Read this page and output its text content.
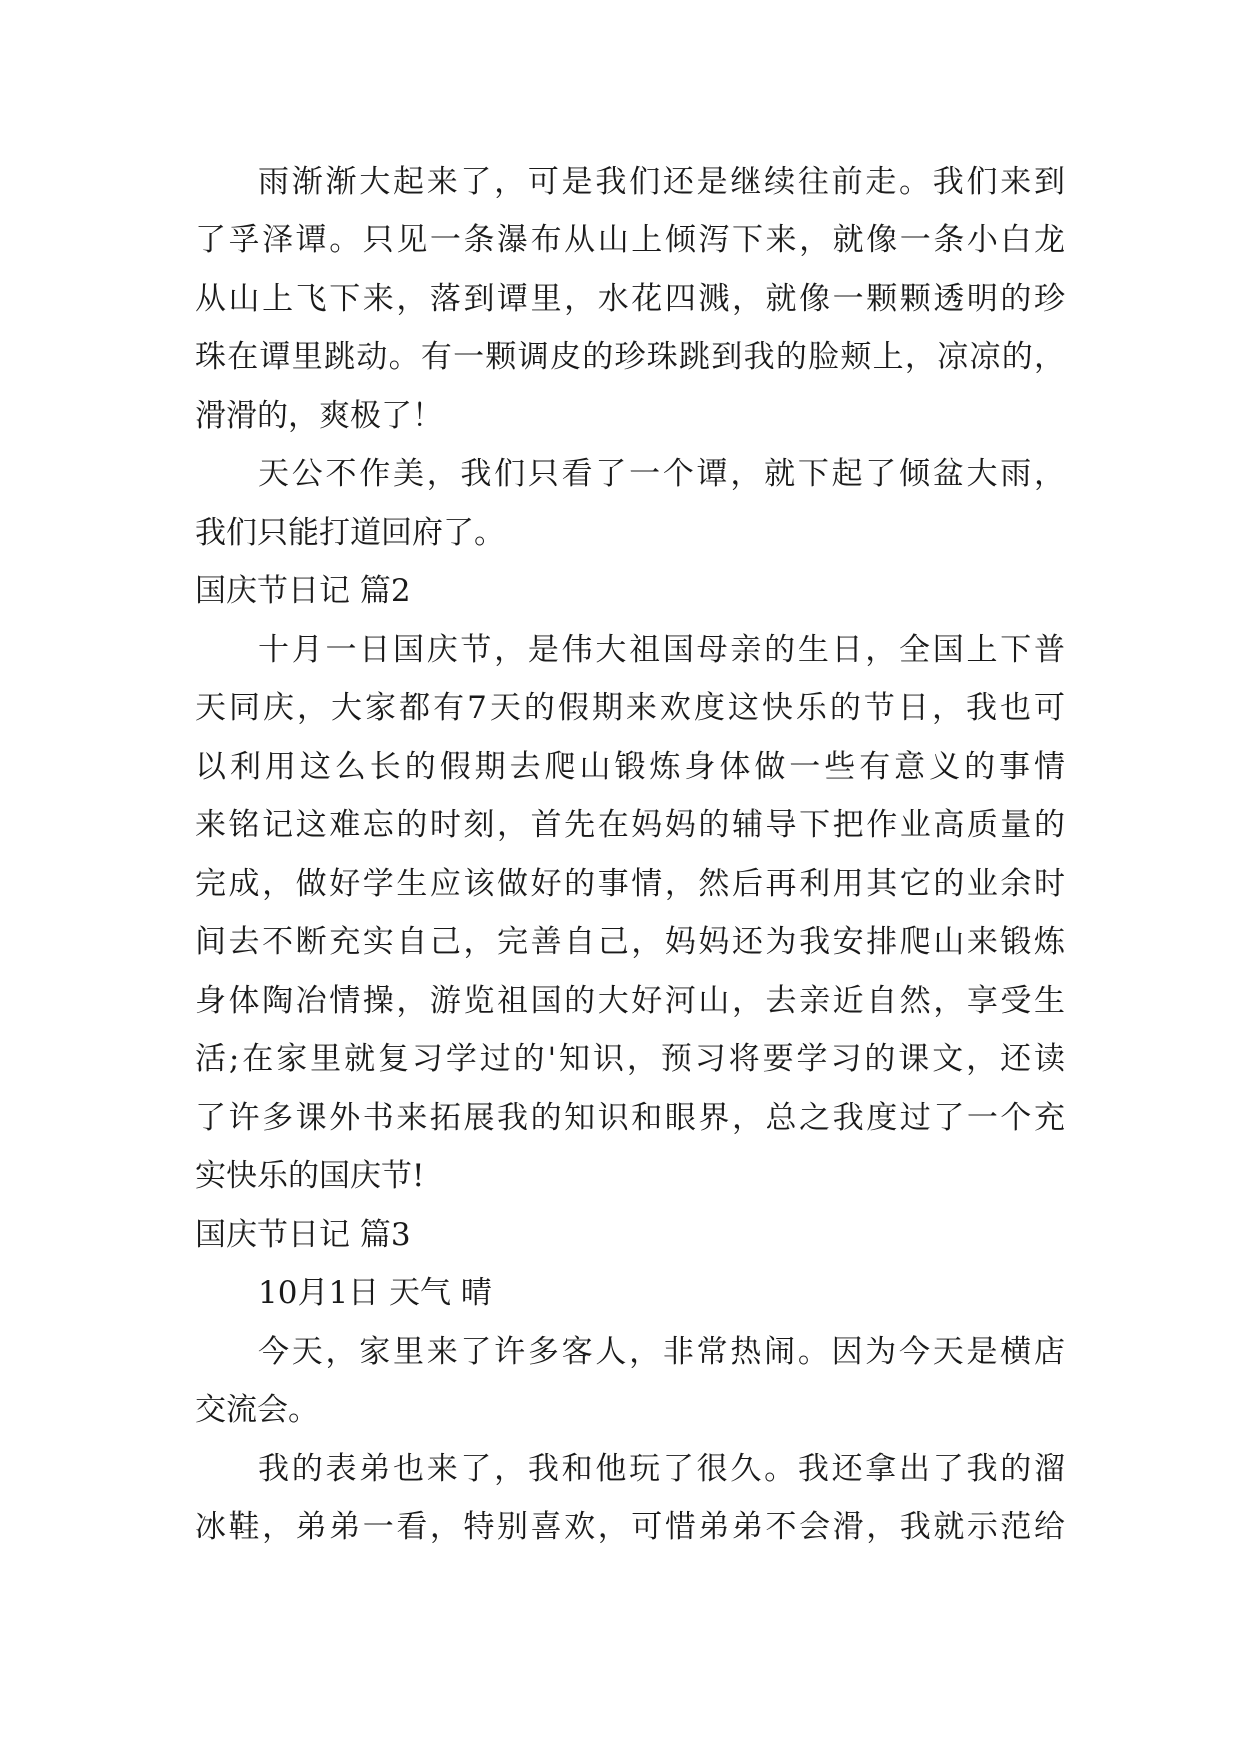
雨渐渐大起来了，可是我们还是继续往前走。我们来到
了孚泽谭。只见一条瀑布从山上倾泻下来，就像一条小白龙
从山上飞下来，落到谭里，水花四溅，就像一颗颗透明的珍
珠在谭里跳动。有一颗调皮的珍珠跳到我的脸颊上，凉凉的，
滑滑的，爽极了！
天公不作美，我们只看了一个谭，就下起了倾盆大雨，
我们只能打道回府了。
国庆节日记 篇2
十月一日国庆节，是伟大祖国母亲的生日，全国上下普
天同庆，大家都有7天的假期来欢度这快乐的节日，我也可
以利用这么长的假期去爬山锻炼身体做一些有意义的事情
来铭记这难忘的时刻，首先在妈妈的辅导下把作业高质量的
完成，做好学生应该做好的事情，然后再利用其它的业余时
间去不断充实自己，完善自己，妈妈还为我安排爬山来锻炼
身体陶冶情操，游览祖国的大好河山，去亲近自然，享受生
活;在家里就复习学过的'知识，预习将要学习的课文，还读
了许多课外书来拓展我的知识和眼界，总之我度过了一个充
实快乐的国庆节!
国庆节日记 篇3
10月1日 天气 晴
今天，家里来了许多客人，非常热闹。因为今天是横店
交流会。
我的表弟也来了，我和他玩了很久。我还拿出了我的溜
冰鞋，弟弟一看，特别喜欢，可惜弟弟不会滑，我就示范给
